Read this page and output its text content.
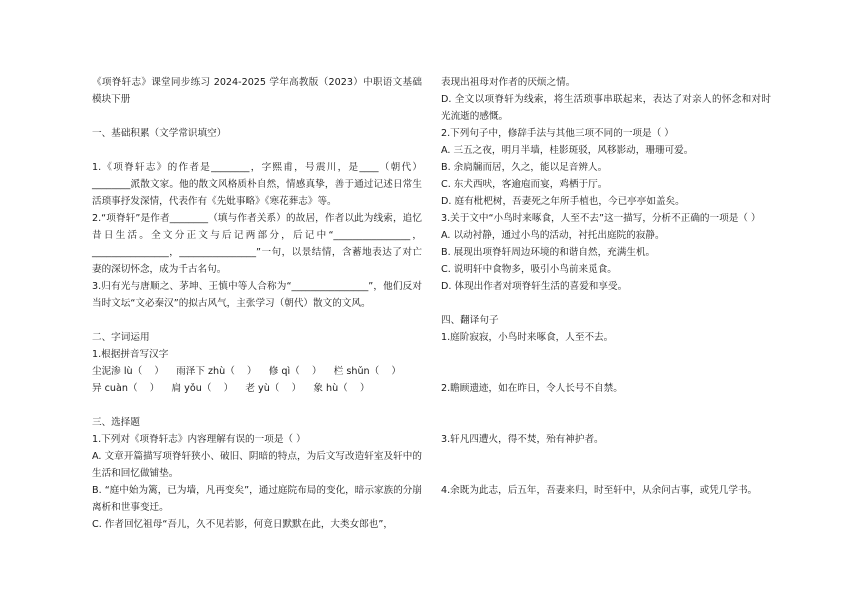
《项脊轩志》课堂同步练习 2024-2025 学年高教版（2023）中职语文基础模块下册

一、基础积累（文学常识填空）

1.《项脊轩志》的作者是________，字熙甫，号震川，是____（朝代）________派散文家。他的散文风格质朴自然，情感真挚，善于通过记述日常生活琐事抒发深情，代表作有《先妣事略》《寒花葬志》等。

2.“项脊轩”是作者________（填与作者关系）的故居，作者以此为线索，追忆昔日生活。全文分正文与后记两部分，后记中“________________，________________，________________”一句，以景结情，含蓄地表达了对亡妻的深切怀念，成为千古名句。

3.归有光与唐顺之、茅坤、王慎中等人合称为“________________”，他们反对当时文坛“文必秦汉”的拟古风气，主张学习（朝代）散文的文风。

二、字词运用

1.根据拼音写汉字

尘泥渗 lù（    ）    雨泽下 zhù（    ）    修 qì（    ）    栏 shǔn（    ）

异 cuàn（    ）    扃 yǒu（    ）    老 yù（    ）    象 hù（    ）

三、选择题

1.下列对《项脊轩志》内容理解有误的一项是（ ）

A. 文章开篇描写项脊轩狭小、破旧、阴暗的特点，为后文写改造轩室及轩中的生活和回忆做铺垫。

B. “庭中始为篱，已为墙，凡再变矣”，通过庭院布局的变化，暗示家族的分崩离析和世事变迁。

C. 作者回忆祖母“吾儿，久不见若影，何竟日默默在此，大类女郎也”，

表现出祖母对作者的厌烦之情。

D. 全文以项脊轩为线索，将生活琐事串联起来，表达了对亲人的怀念和对时光流逝的感慨。

2.下列句子中，修辞手法与其他三项不同的一项是（ ）

A. 三五之夜，明月半墙，桂影斑驳，风移影动，珊珊可爱。

B. 余扃牖而居，久之，能以足音辨人。

C. 东犬西吠，客逾庖而宴，鸡栖于厅。

D. 庭有枇杷树，吾妻死之年所手植也，今已亭亭如盖矣。

3.关于文中“小鸟时来啄食，人至不去”这一描写，分析不正确的一项是（ ）

A. 以动衬静，通过小鸟的活动，衬托出庭院的寂静。

B. 展现出项脊轩周边环境的和谐自然，充满生机。

C. 说明轩中食物多，吸引小鸟前来觅食。

D. 体现出作者对项脊轩生活的喜爱和享受。

四、翻译句子

1.庭阶寂寂，小鸟时来啄食，人至不去。

2.瞻顾遗迹，如在昨日，令人长号不自禁。

3.轩凡四遭火，得不焚，殆有神护者。

4.余既为此志，后五年，吾妻来归，时至轩中，从余问古事，或凭几学书。
